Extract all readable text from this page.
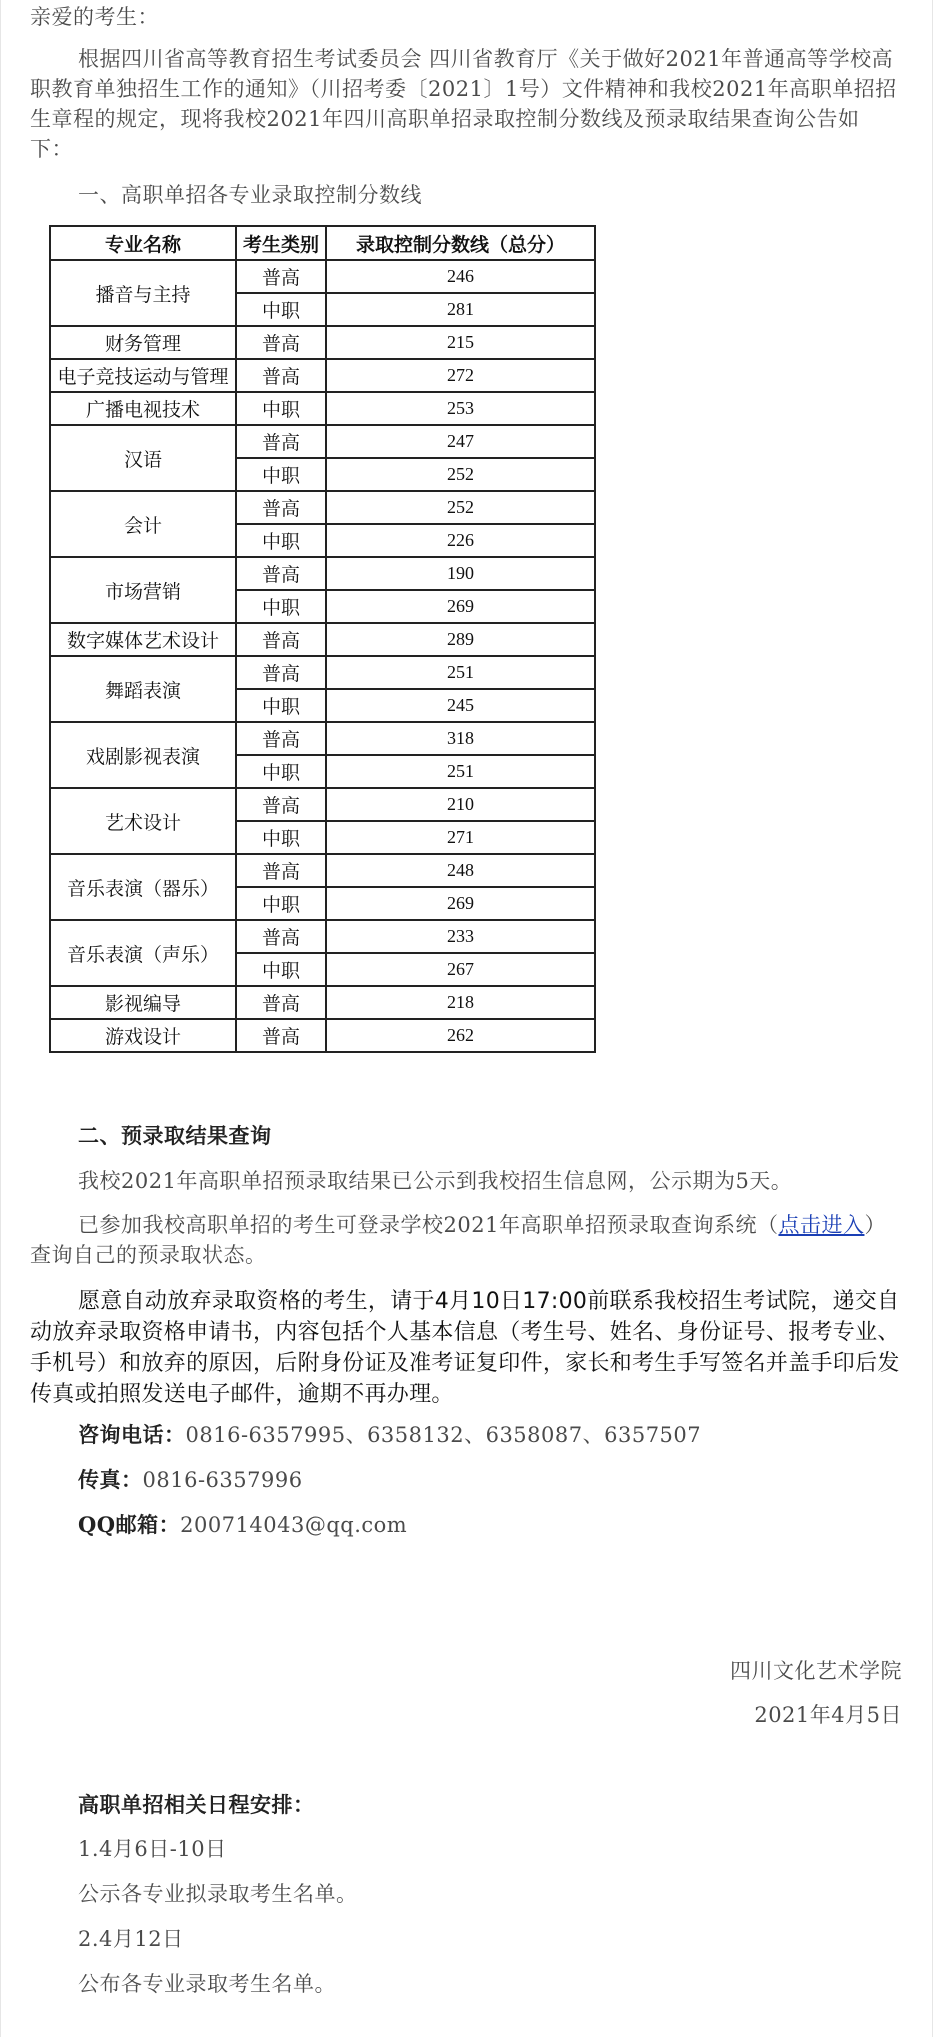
亲爱的考生：

根据四川省高等教育招生考试委员会 四川省教育厅《关于做好2021年普通高等学校高职教育单独招生工作的通知》（川招考委〔2021〕1号）文件精神和我校2021年高职单招招生章程的规定，现将我校2021年四川高职单招录取控制分数线及预录取结果查询公告如下：

一、高职单招各专业录取控制分数线

专业名称	考生类别	录取控制分数线（总分）
播音与主持	普高	246
	中职	281
财务管理	普高	215
电子竞技运动与管理	普高	272
广播电视技术	中职	253
汉语	普高	247
	中职	252
会计	普高	252
	中职	226
市场营销	普高	190
	中职	269
数字媒体艺术设计	普高	289
舞蹈表演	普高	251
	中职	245
戏剧影视表演	普高	318
	中职	251
艺术设计	普高	210
	中职	271
音乐表演（器乐）	普高	248
	中职	269
音乐表演（声乐）	普高	233
	中职	267
影视编导	普高	218
游戏设计	普高	262

二、预录取结果查询

我校2021年高职单招预录取结果已公示到我校招生信息网，公示期为5天。

已参加我校高职单招的考生可登录学校2021年高职单招预录取查询系统（点击进入）查询自己的预录取状态。

愿意自动放弃录取资格的考生，请于4月10日17:00前联系我校招生考试院，递交自动放弃录取资格申请书，内容包括个人基本信息（考生号、姓名、身份证号、报考专业、手机号）和放弃的原因，后附身份证及准考证复印件，家长和考生手写签名并盖手印后发传真或拍照发送电子邮件，逾期不再办理。

咨询电话：0816-6357995、6358132、6358087、6357507

传真：0816-6357996

QQ邮箱：200714043@qq.com

四川文化艺术学院

2021年4月5日

高职单招相关日程安排：

1.4月6日-10日

公示各专业拟录取考生名单。

2.4月12日

公布各专业录取考生名单。
